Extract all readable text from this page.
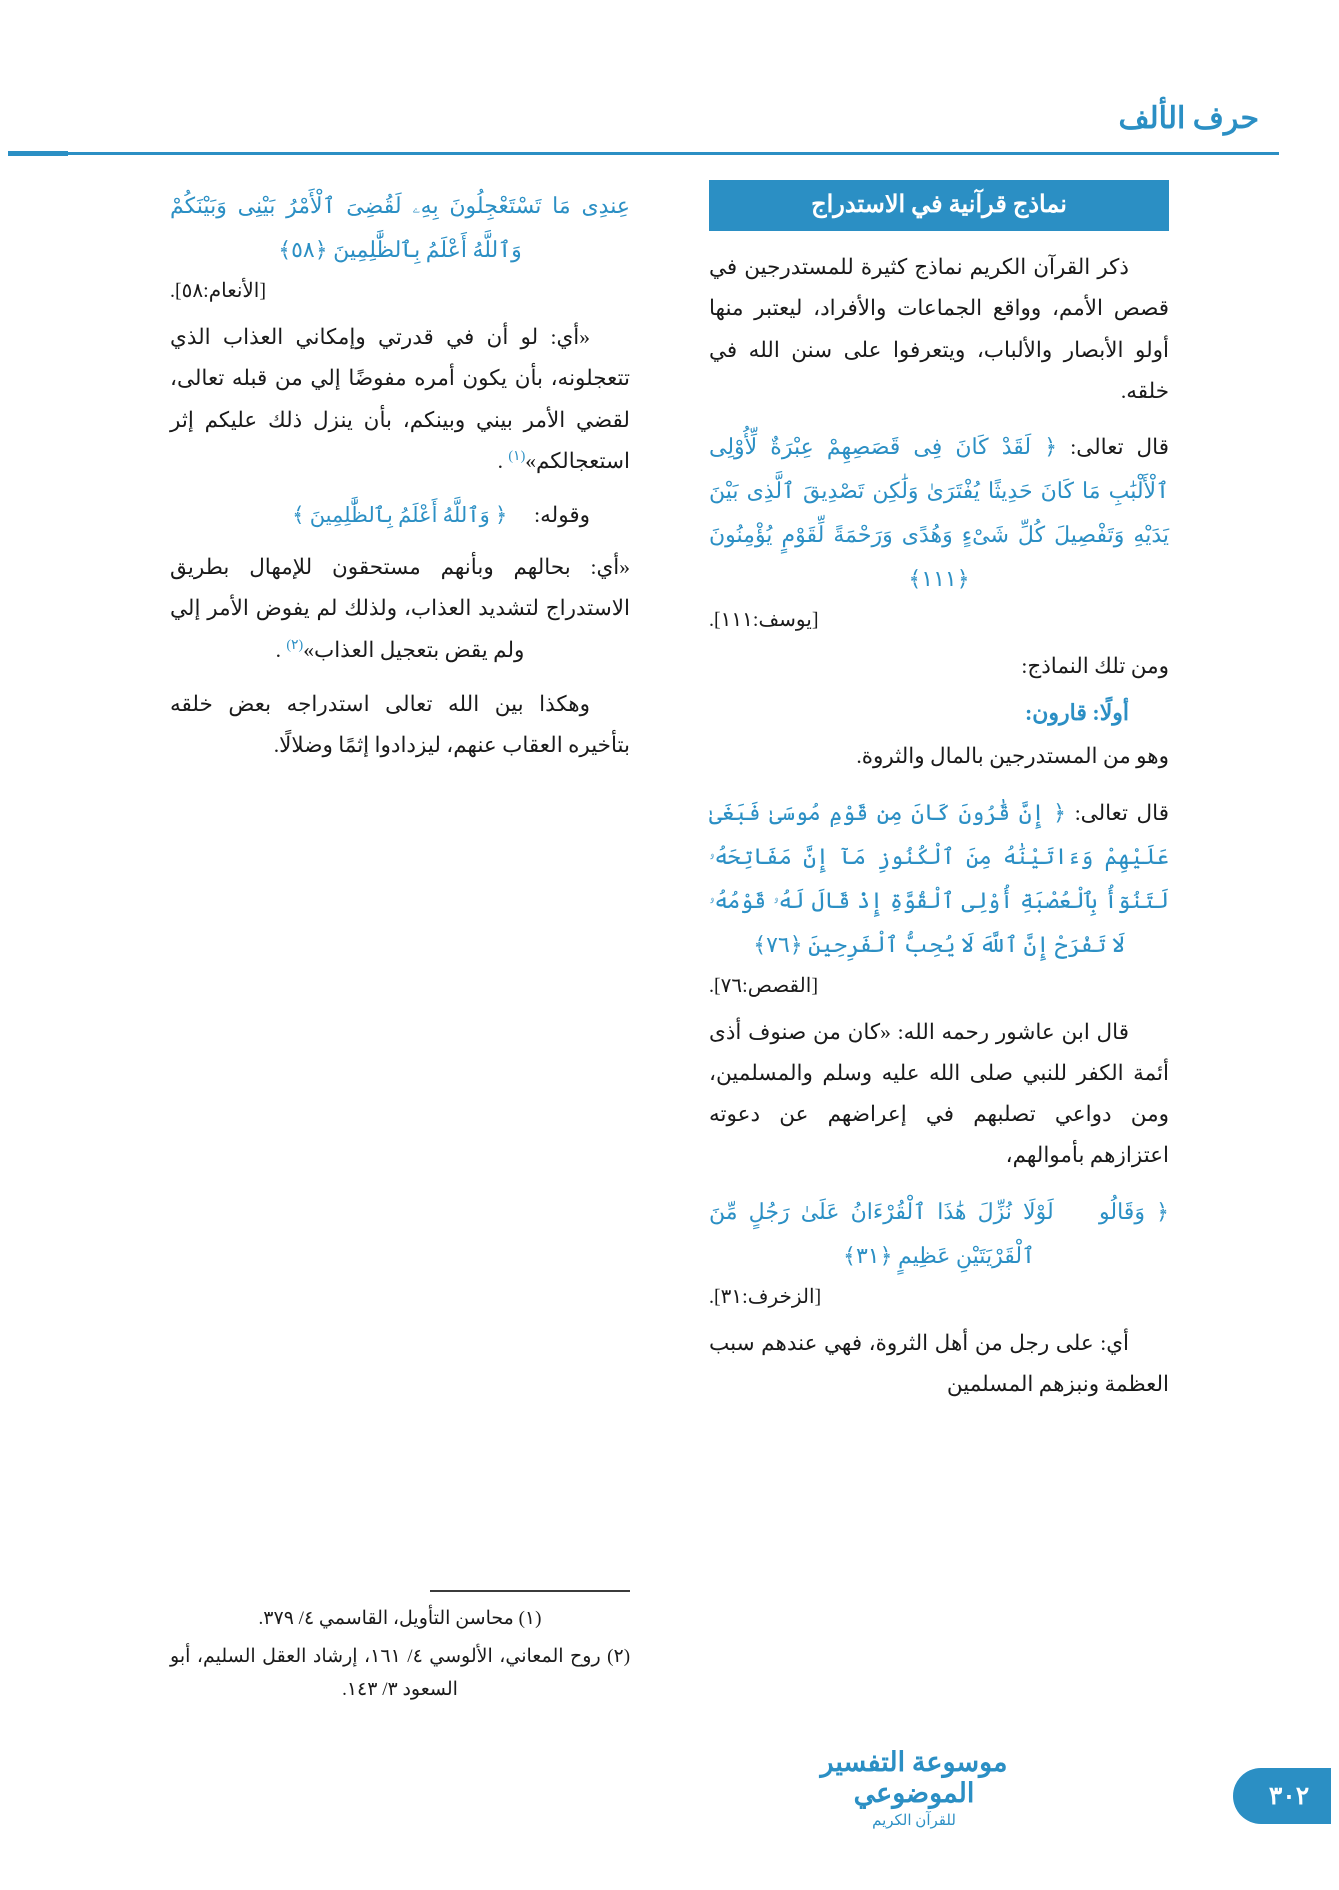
حرف الألف
نماذج قرآنية في الاستدراج

ذكر القرآن الكريم نماذج كثيرة للمستدرجين في قصص الأمم، وواقع الجماعات والأفراد، ليعتبر منها أولو الأبصار والألباب، ويتعرفوا على سنن الله في خلقه.

قال تعالى: ﴿ لَقَدْ كَانَ فِى قَصَصِهِمْ عِبْرَةٌ لِّأُوْلِى ٱلْأَلْبَٰبِ مَا كَانَ حَدِيثًا يُفْتَرَىٰ وَلَٰكِن تَصْدِيقَ ٱلَّذِى بَيْنَ يَدَيْهِ وَتَفْصِيلَ كُلِّ شَىْءٍ وَهُدًى وَرَحْمَةً لِّقَوْمٍ يُؤْمِنُونَ ﴿١١١﴾

[يوسف:١١١].

ومن تلك النماذج:

أولًا: قارون:

وهو من المستدرجين بالمال والثروة.

قال تعالى: ﴿ إِنَّ قَٰرُونَ كَانَ مِن قَوْمِ مُوسَىٰ فَبَغَىٰ عَلَيْهِمْ وَءَاتَيْنَٰهُ مِنَ ٱلْكُنُوزِ مَآ إِنَّ مَفَاتِحَهُۥ لَتَنُوٓأُ بِٱلْعُصْبَةِ أُوْلِى ٱلْقُوَّةِ إِذْ قَالَ لَهُۥ قَوْمُهُۥ لَا تَفْرَحْ إِنَّ ٱللَّهَ لَا يُحِبُّ ٱلْفَرِحِينَ ﴿٧٦﴾

[القصص:٧٦].

قال ابن عاشور رحمه الله: «كان من صنوف أذى أئمة الكفر للنبي صلى الله عليه وسلم والمسلمين، ومن دواعي تصلبهم في إعراضهم عن دعوته اعتزازهم بأموالهم،

﴿ وَقَالُوا۟ لَوْلَا نُزِّلَ هَٰذَا ٱلْقُرْءَانُ عَلَىٰ رَجُلٍ مِّنَ ٱلْقَرْيَتَيْنِ عَظِيمٍ ﴿٣١﴾

[الزخرف:٣١].

أي: على رجل من أهل الثروة، فهي عندهم سبب العظمة ونبزهم المسلمين

عِندِى مَا تَسْتَعْجِلُونَ بِهِۦ لَقُضِىَ ٱلْأَمْرُ بَيْنِى وَبَيْنَكُمْ وَٱللَّهُ أَعْلَمُ بِٱلظَّٰلِمِينَ ﴿٥٨﴾

[الأنعام:٥٨].

«أي: لو أن في قدرتي وإمكاني العذاب الذي تتعجلونه، بأن يكون أمره مفوضًا إلي من قبله تعالى، لقضي الأمر بيني وبينكم، بأن ينزل ذلك عليكم إثر استعجالكم»$^{(١)}$ .

وقوله:     ﴿ وَٱللَّهُ أَعْلَمُ بِٱلظَّٰلِمِينَ ﴾

«أي: بحالهم وبأنهم مستحقون للإمهال بطريق الاستدراج لتشديد العذاب، ولذلك لم يفوض الأمر إلي ولم يقض بتعجيل العذاب»$^{(٢)}$ .

وهكذا بين الله تعالى استدراجه بعض خلقه بتأخيره العقاب عنهم، ليزدادوا إثمًا وضلالًا.

(١) محاسن التأويل، القاسمي ٤/ ٣٧٩.
(٢) روح المعاني، الألوسي ٤/ ١٦١، إرشاد العقل السليم، أبو السعود ٣/ ١٤٣.
موسوعة التفسير الموضوعي
للقرآن الكريم
٣٠٢
